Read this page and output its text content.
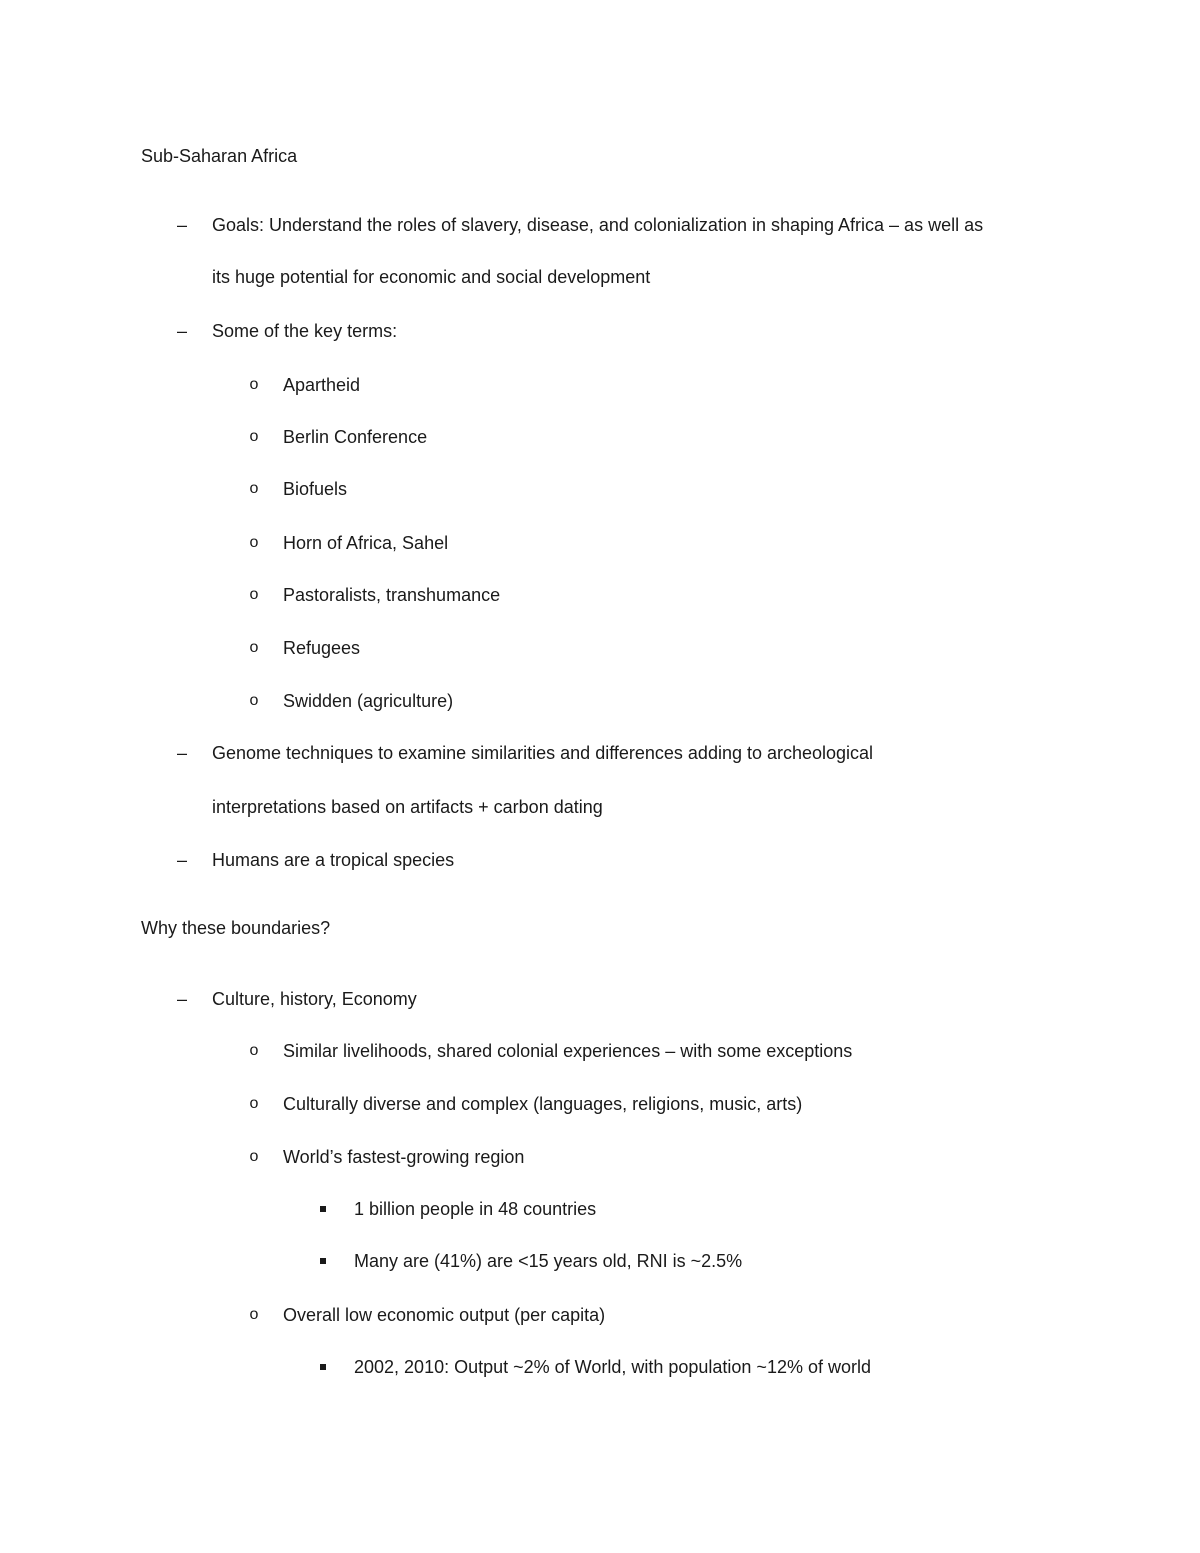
Sub-Saharan Africa
– Goals: Understand the roles of slavery, disease, and colonialization in shaping Africa – as well as
its huge potential for economic and social development
– Some of the key terms:
o Apartheid
o Berlin Conference
o Biofuels
o Horn of Africa, Sahel
o Pastoralists, transhumance
o Refugees
o Swidden (agriculture)
– Genome techniques to examine similarities and differences adding to archeological
interpretations based on artifacts + carbon dating
– Humans are a tropical species
Why these boundaries?
– Culture, history, Economy
o Similar livelihoods, shared colonial experiences – with some exceptions
o Culturally diverse and complex (languages, religions, music, arts)
o World’s fastest-growing region
1 billion people in 48 countries
Many are (41%) are <15 years old, RNI is ~2.5%
o Overall low economic output (per capita)
2002, 2010: Output ~2% of World, with population ~12% of world
